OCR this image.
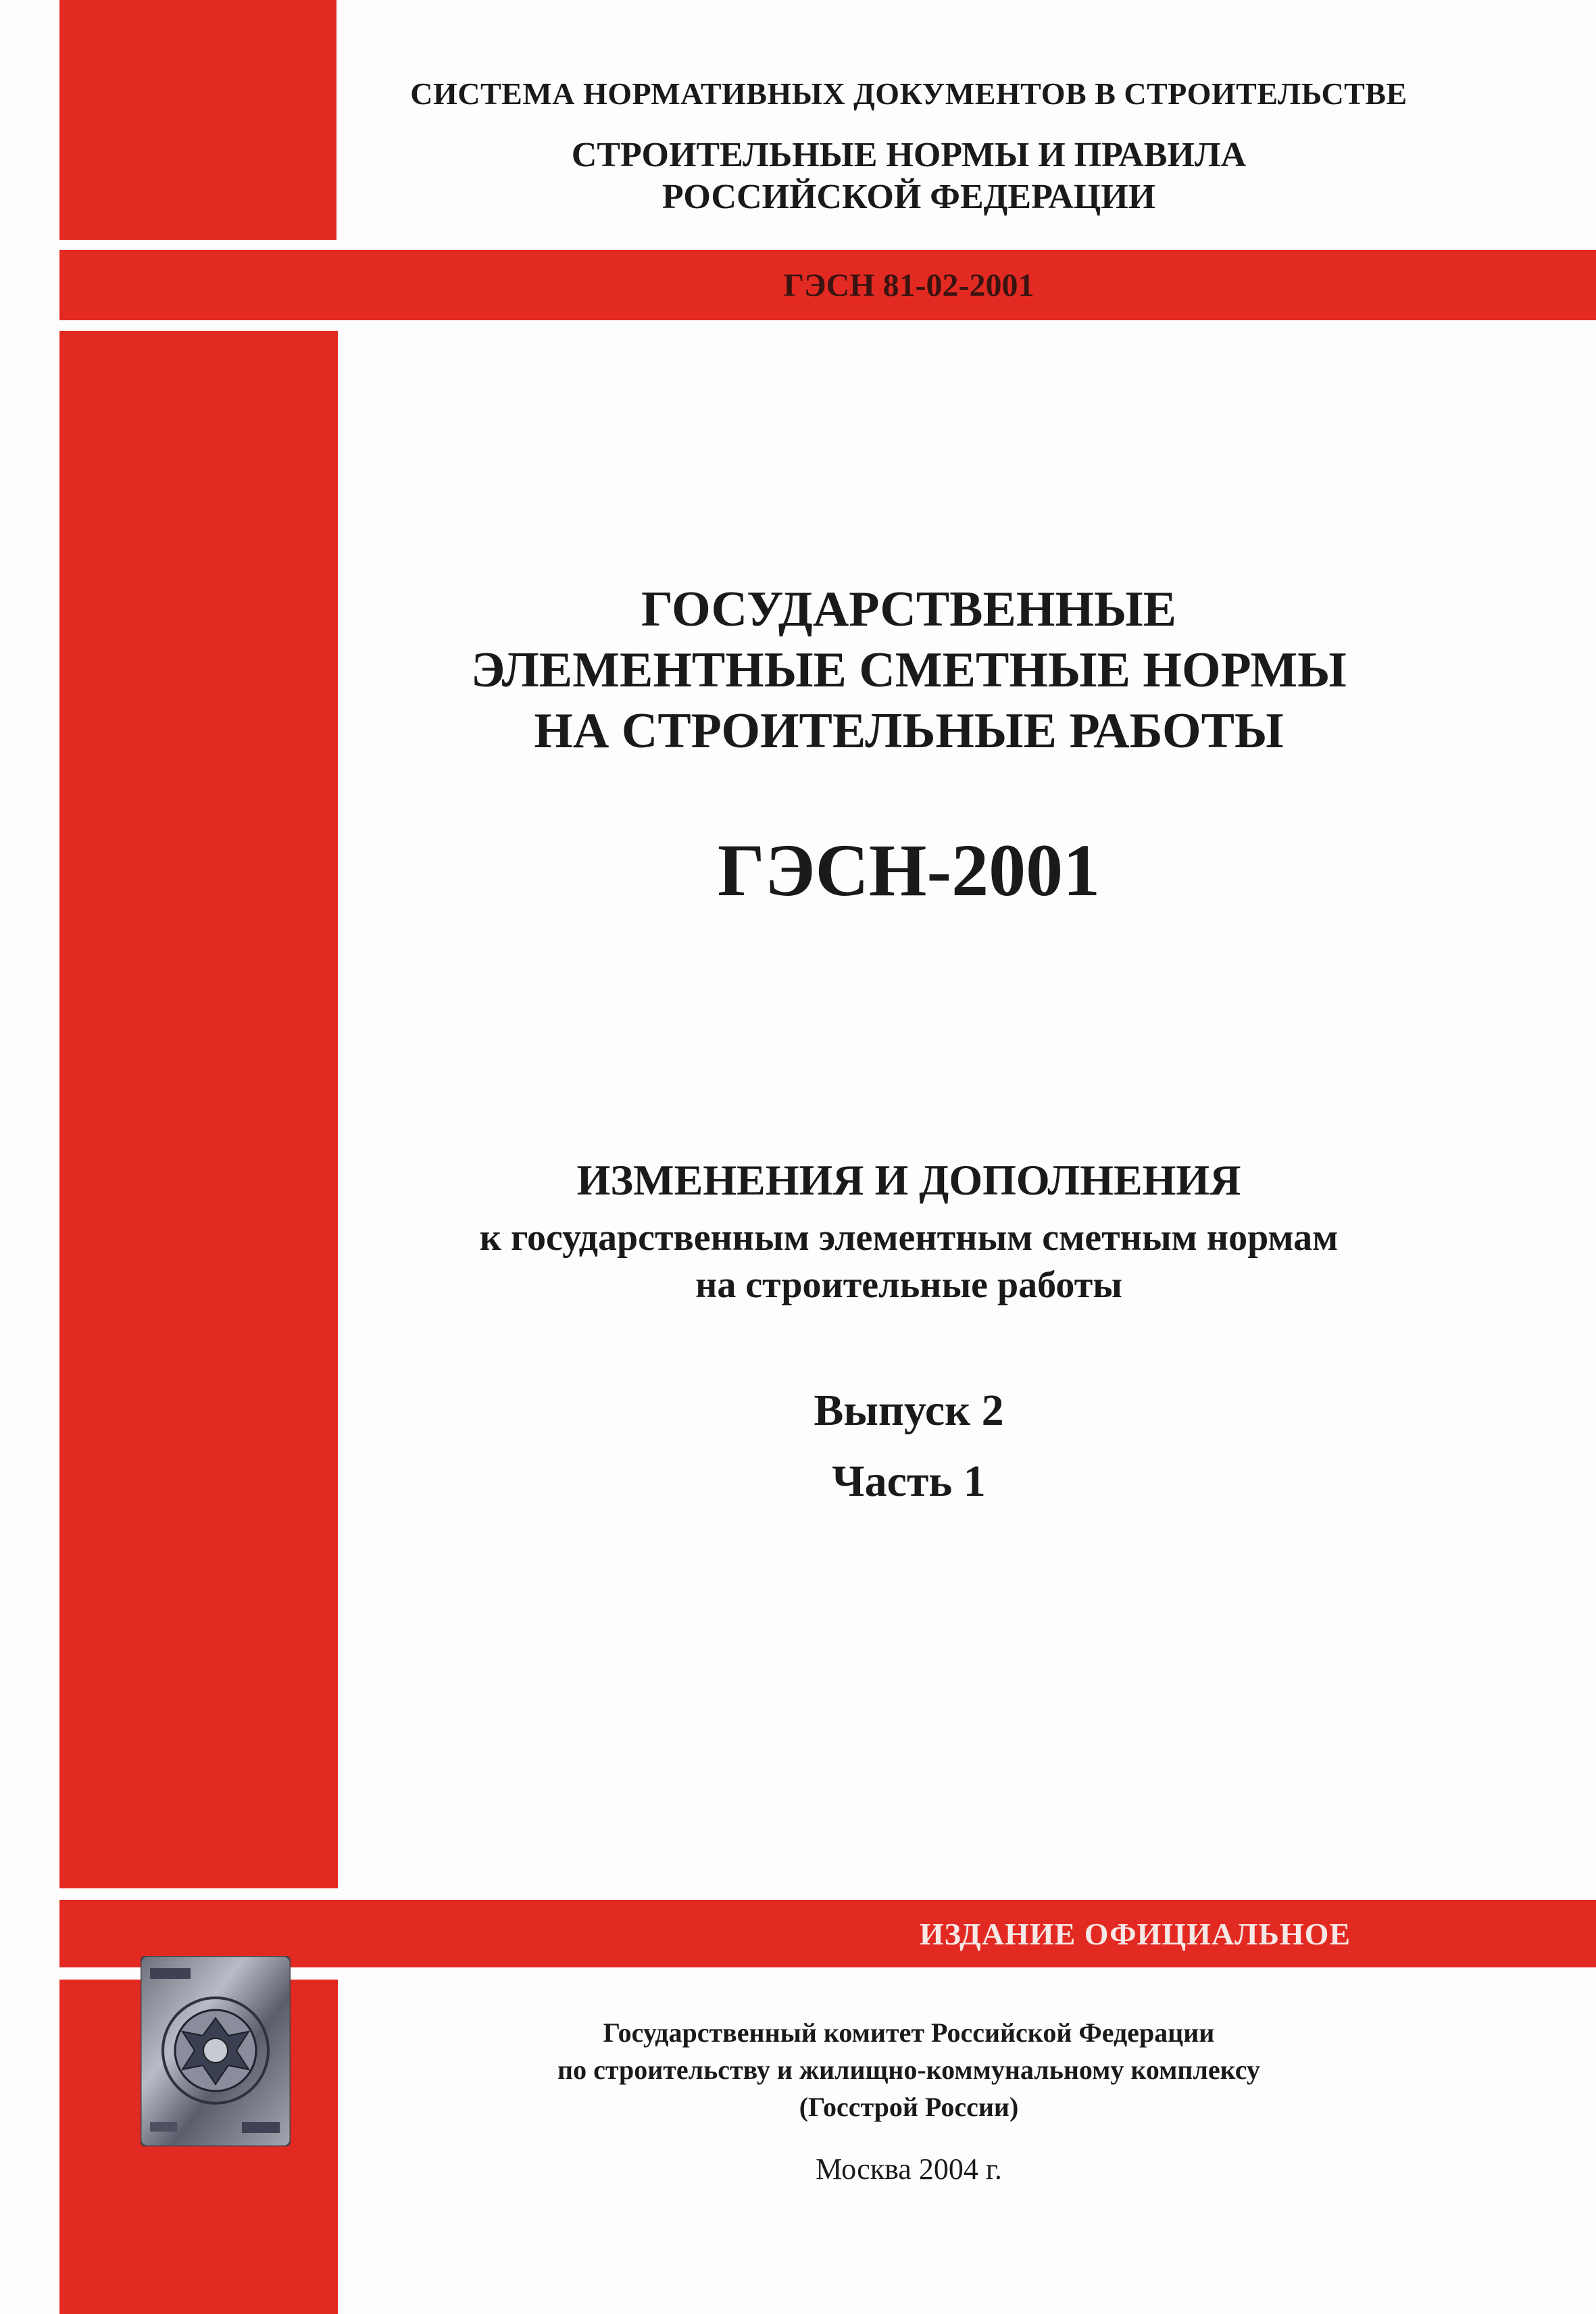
СИСТЕМА НОРМАТИВНЫХ ДОКУМЕНТОВ В СТРОИТЕЛЬСТВЕ
СТРОИТЕЛЬНЫЕ НОРМЫ И ПРАВИЛА
РОССИЙСКОЙ ФЕДЕРАЦИИ
ГЭСН 81-02-2001
ГОСУДАРСТВЕННЫЕ
ЭЛЕМЕНТНЫЕ СМЕТНЫЕ НОРМЫ
НА СТРОИТЕЛЬНЫЕ РАБОТЫ
ГЭСН-2001
ИЗМЕНЕНИЯ И ДОПОЛНЕНИЯ
к государственным элементным сметным нормам
на строительные работы
Выпуск 2
Часть 1
ИЗДАНИЕ ОФИЦИАЛЬНОЕ
Государственный комитет Российской Федерации
по строительству и жилищно-коммунальному комплексу
(Госстрой России)
Москва 2004 г.
